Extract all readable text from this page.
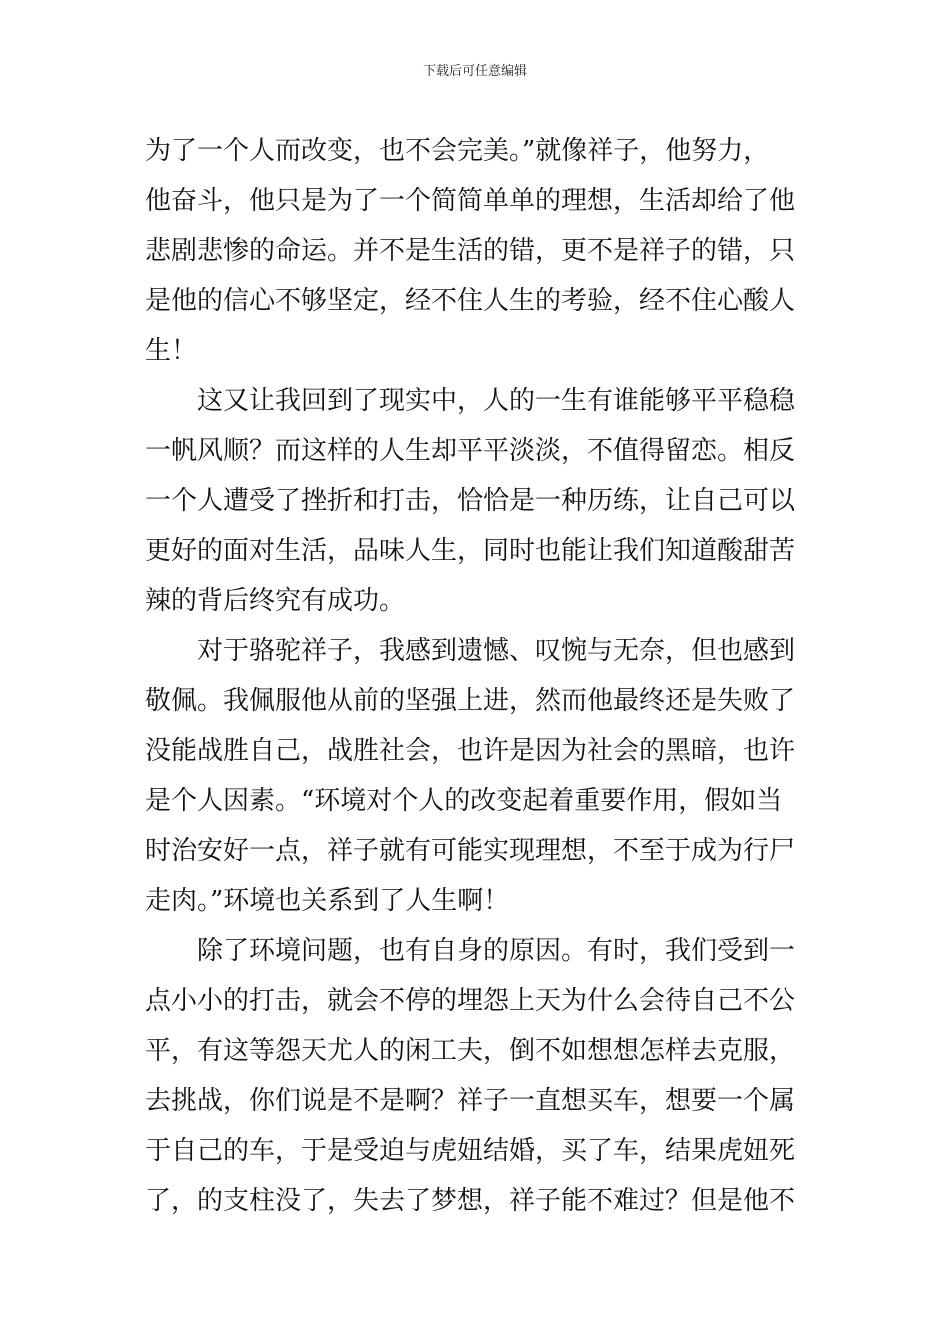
下载后可任意编辑
为了一个人而改变，也不会完美。”就像祥子，他努力，
他奋斗，他只是为了一个简简单单的理想，生活却给了他
悲剧悲惨的命运。并不是生活的错，更不是祥子的错，只
是他的信心不够坚定，经不住人生的考验，经不住心酸人
生！
这又让我回到了现实中，人的一生有谁能够平平稳稳
一帆风顺？而这样的人生却平平淡淡，不值得留恋。相反
一个人遭受了挫折和打击，恰恰是一种历练，让自己可以
更好的面对生活，品味人生，同时也能让我们知道酸甜苦
辣的背后终究有成功。
对于骆驼祥子，我感到遗憾、叹惋与无奈，但也感到
敬佩。我佩服他从前的坚强上进，然而他最终还是失败了
没能战胜自己，战胜社会，也许是因为社会的黑暗，也许
是个人因素。“环境对个人的改变起着重要作用，假如当
时治安好一点，祥子就有可能实现理想，不至于成为行尸
走肉。”环境也关系到了人生啊！
除了环境问题，也有自身的原因。有时，我们受到一
点小小的打击，就会不停的埋怨上天为什么会待自己不公
平，有这等怨天尤人的闲工夫，倒不如想想怎样去克服，
去挑战，你们说是不是啊？祥子一直想买车，想要一个属
于自己的车，于是受迫与虎妞结婚，买了车，结果虎妞死
了，的支柱没了，失去了梦想，祥子能不难过？但是他不
